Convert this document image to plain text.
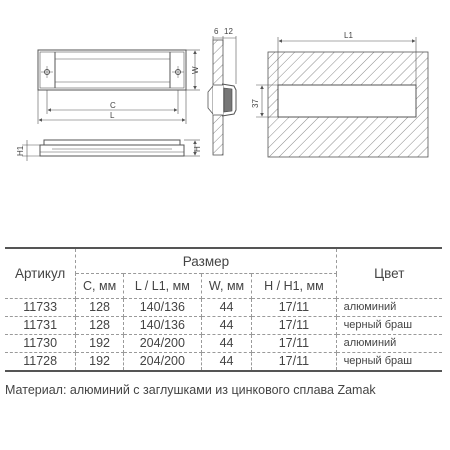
W
C
L
H1	H
6 12	L1
37
Артикул	Размер				Цвет
	C, мм	L / L1, мм	W, мм	H / H1, мм	
11733	128	140/136	44	17/11	алюминий
11731	128	140/136	44	17/11	черный браш
11730	192	204/200	44	17/11	алюминий
11728	192	204/200	44	17/11	черный браш
Материал: алюминий с заглушками из цинкового сплава Zamak
